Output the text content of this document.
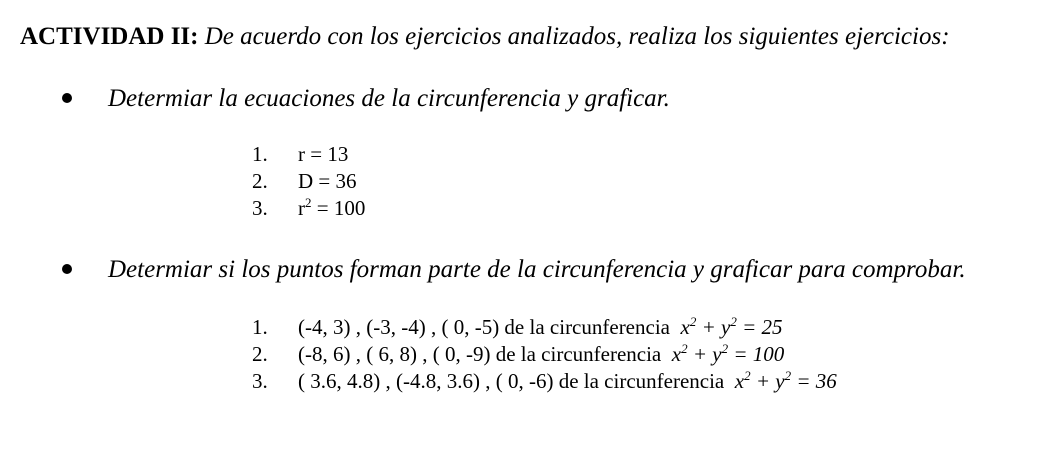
ACTIVIDAD II: De acuerdo con los ejercicios analizados, realiza los siguientes ejercicios:
Determiar la ecuaciones de la circunferencia y graficar.
1.	r = 13
2.	D = 36
3.	$r^2 = 100$
Determiar si los puntos forman parte de la circunferencia y graficar para comprobar.
1.	(-4, 3) , (-3, -4) , ( 0, -5) de la circunferencia
$x^2 + y^2 = 25$
2.	(-8, 6) , ( 6, 8) , ( 0, -9) de la circunferencia
$x^2 + y^2 = 100$
3.	( 3.6, 4.8) , (-4.8, 3.6) , ( 0, -6) de la circunferencia
$x^2 + y^2 = 36$
